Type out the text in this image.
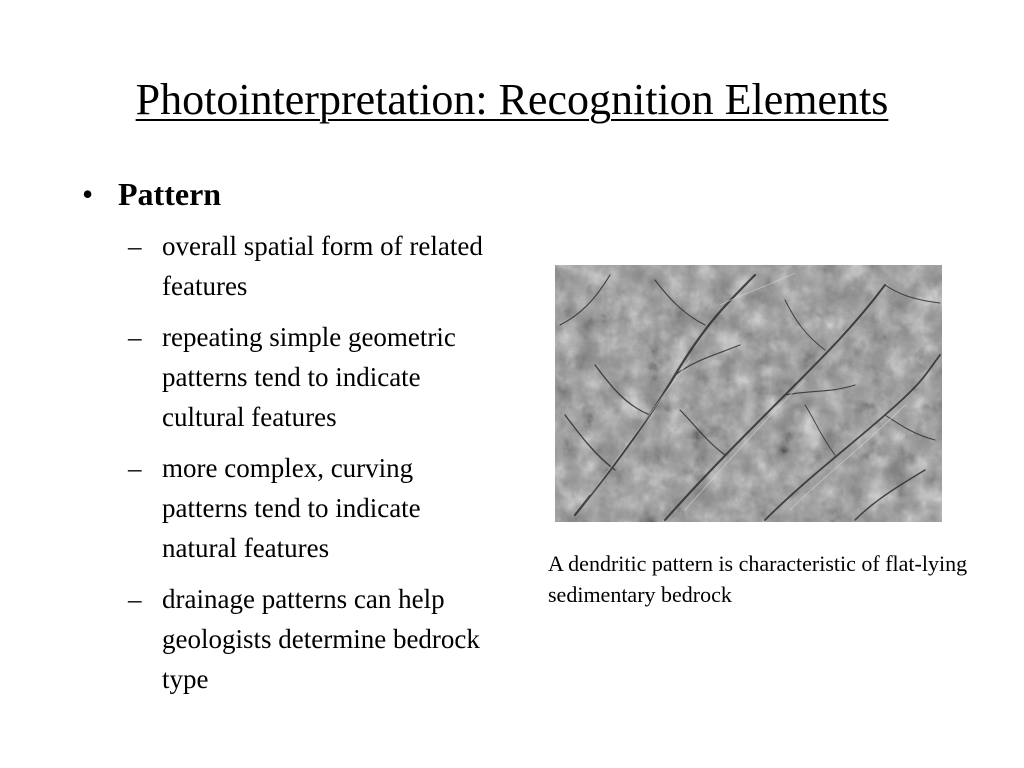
Photointerpretation: Recognition Elements
• Pattern
– overall spatial form of related features
– repeating simple geometric patterns tend to indicate cultural features
– more complex, curving patterns tend to indicate natural features
– drainage patterns can help geologists determine bedrock type
A dendritic pattern is characteristic of flat-lying sedimentary bedrock
